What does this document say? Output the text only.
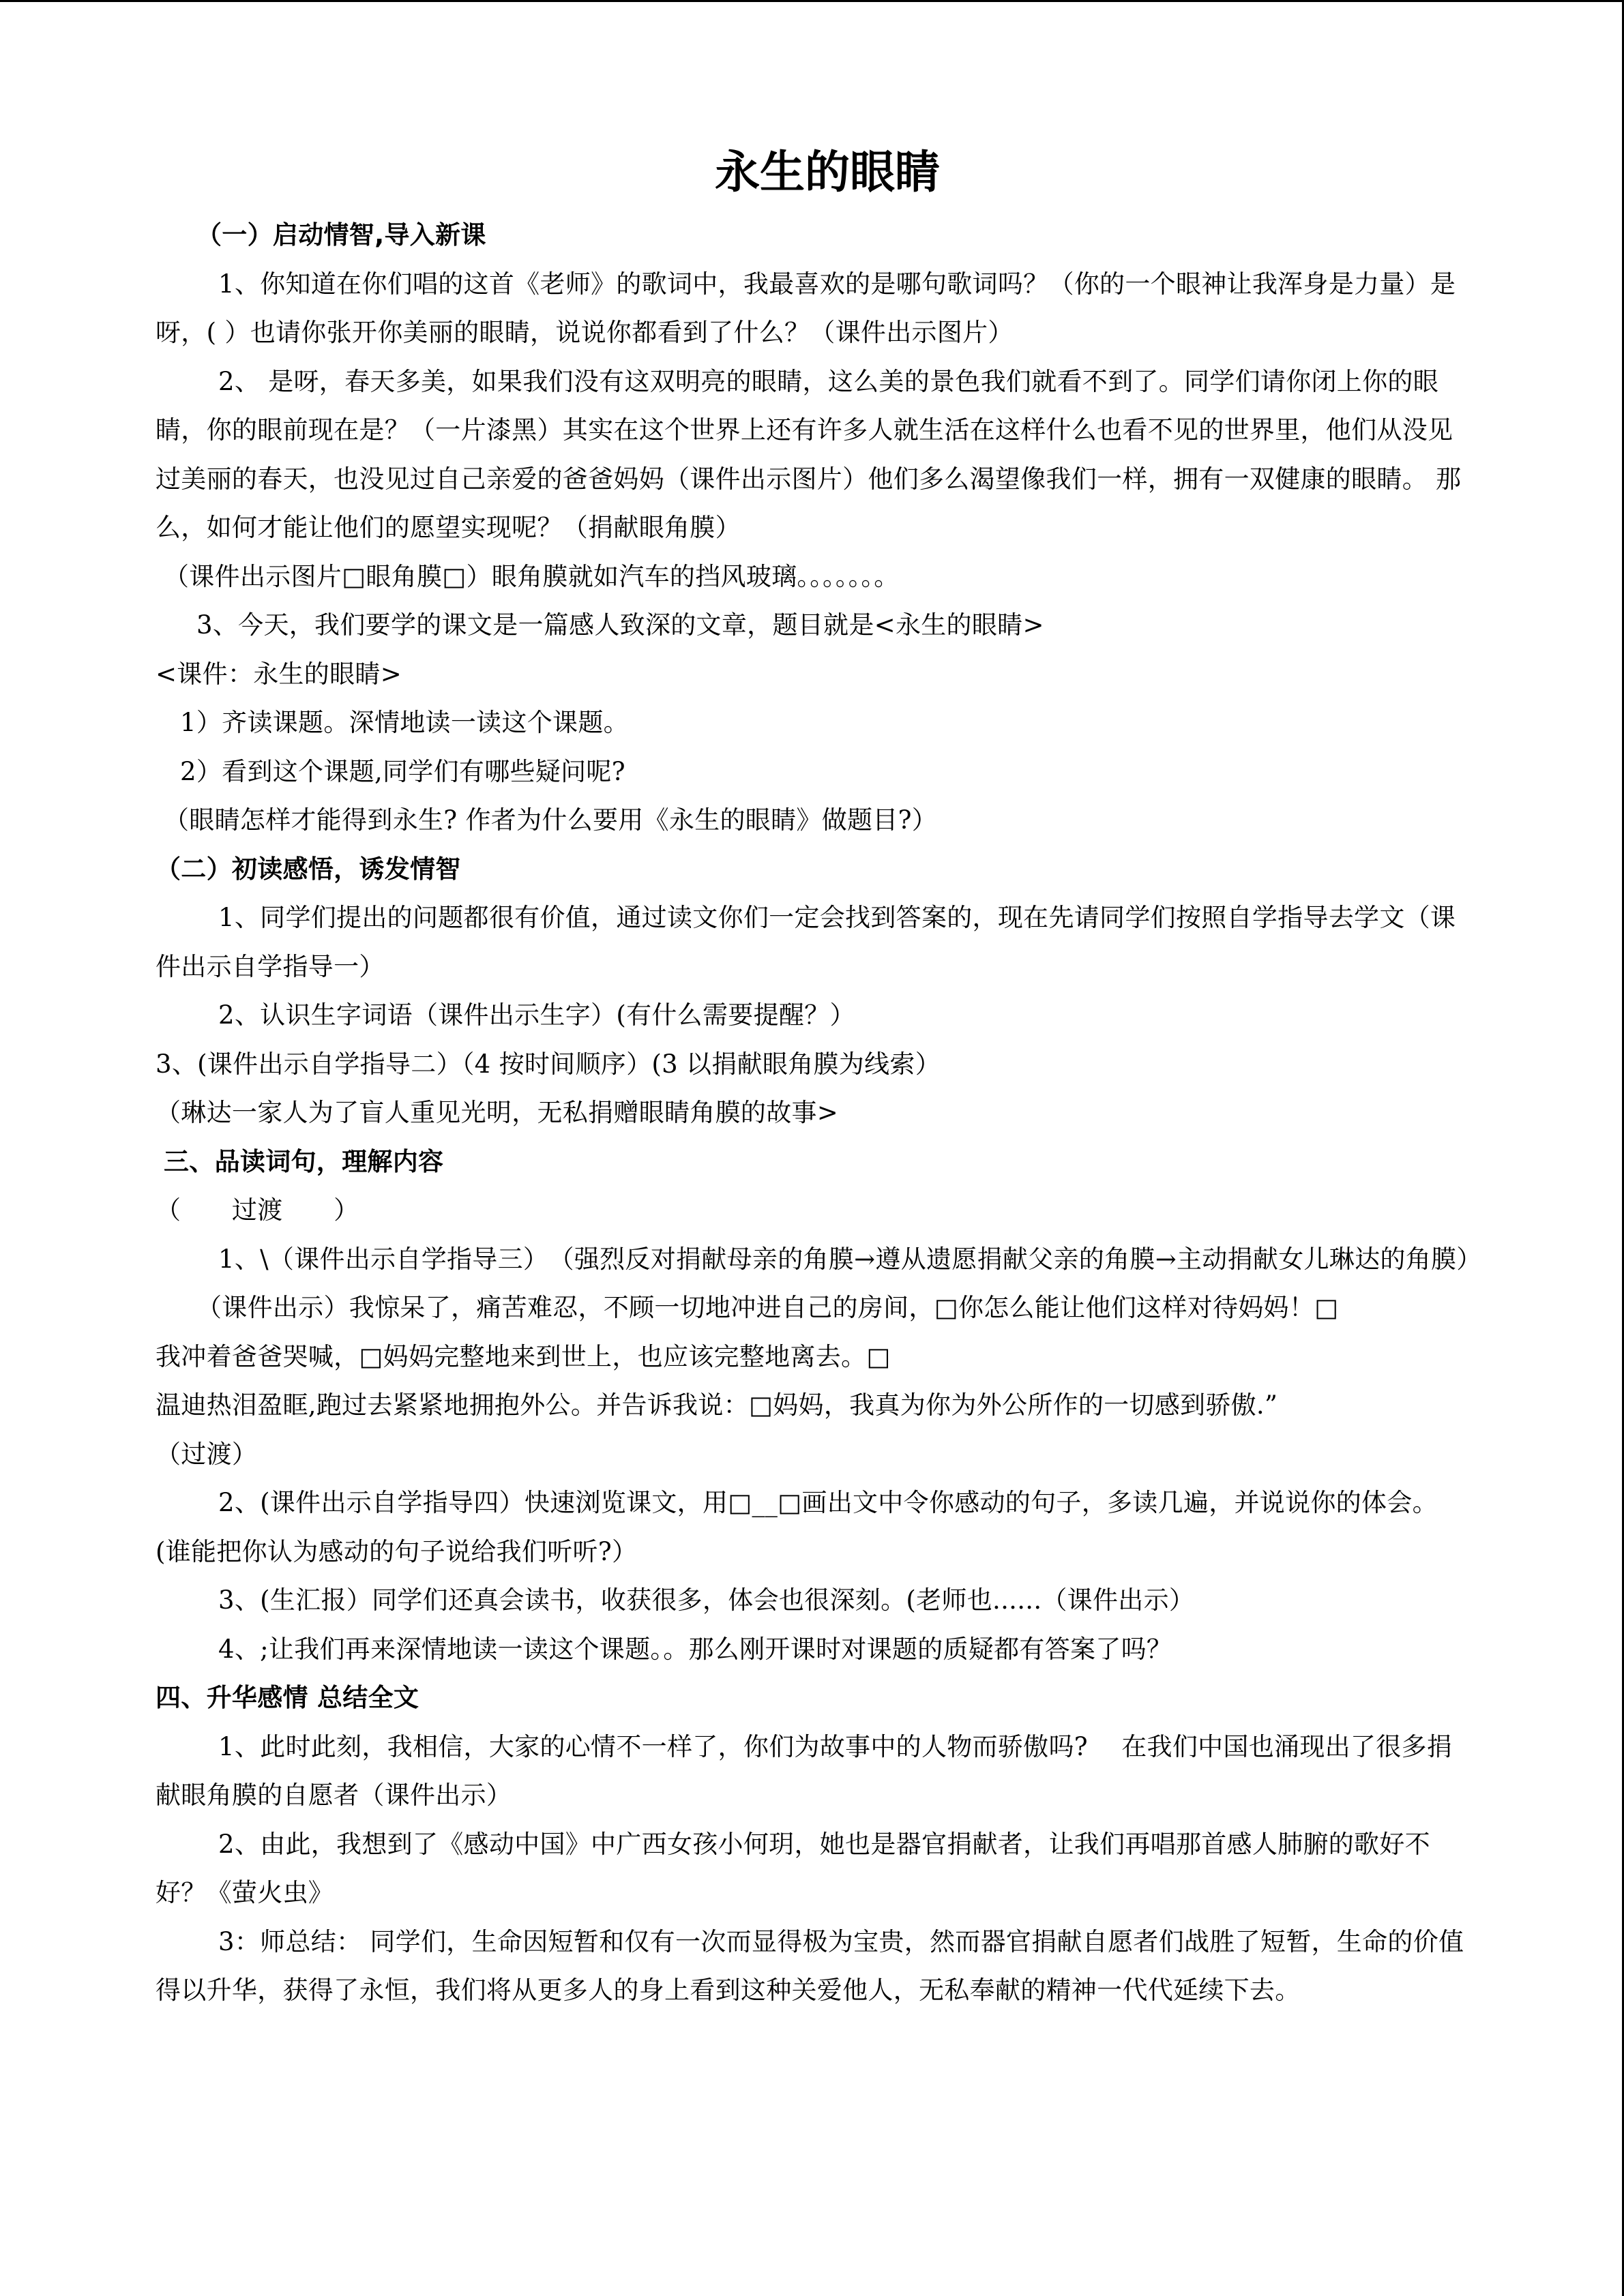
永生的眼睛
（一）启动情智,导入新课
1、你知道在你们唱的这首《老师》的歌词中，我最喜欢的是哪句歌词吗？（你的一个眼神让我浑身是力量）是呀，( ）也请你张开你美丽的眼睛，说说你都看到了什么？（课件出示图片）
2、 是呀，春天多美，如果我们没有这双明亮的眼睛，这么美的景色我们就看不到了。同学们请你闭上你的眼睛，你的眼前现在是？（一片漆黑）其实在这个世界上还有许多人就生活在这样什么也看不见的世界里，他们从没见过美丽的春天，也没见过自己亲爱的爸爸妈妈（课件出示图片）他们多么渴望像我们一样，拥有一双健康的眼睛。 那么，如何才能让他们的愿望实现呢？（捐献眼角膜）
（课件出示图片□眼角膜□）眼角膜就如汽车的挡风玻璃。。。。。。。
3、今天，我们要学的课文是一篇感人致深的文章，题目就是<永生的眼睛>
<课件：永生的眼睛>
1）齐读课题。深情地读一读这个课题。
2）看到这个课题,同学们有哪些疑问呢?
（眼睛怎样才能得到永生? 作者为什么要用《永生的眼睛》做题目?）
（二）初读感悟，诱发情智
1、同学们提出的问题都很有价值，通过读文你们一定会找到答案的，现在先请同学们按照自学指导去学文（课件出示自学指导一）
2、认识生字词语（课件出示生字）(有什么需要提醒？）
3、(课件出示自学指导二）（4 按时间顺序）(3 以捐献眼角膜为线索）
（琳达一家人为了盲人重见光明，无私捐赠眼睛角膜的故事>
三、品读词句，理解内容
（　　过渡　　）
1、\（课件出示自学指导三）　（强烈反对捐献母亲的角膜→遵从遗愿捐献父亲的角膜→主动捐献女儿琳达的角膜）
（课件出示）我惊呆了，痛苦难忍，不顾一切地冲进自己的房间，□你怎么能让他们这样对待妈妈！□
我冲着爸爸哭喊，□妈妈完整地来到世上，也应该完整地离去。□
温迪热泪盈眶,跑过去紧紧地拥抱外公。并告诉我说：□妈妈，我真为你为外公所作的一切感到骄傲.”
（过渡）
2、(课件出示自学指导四）快速浏览课文，用□__□画出文中令你感动的句子，多读几遍，并说说你的体会。(谁能把你认为感动的句子说给我们听听?）
3、(生汇报）同学们还真会读书，收获很多，体会也很深刻。(老师也......（课件出示）
4、;让我们再来深情地读一读这个课题。。那么刚开课时对课题的质疑都有答案了吗？
四、升华感情 总结全文
1、此时此刻，我相信，大家的心情不一样了，你们为故事中的人物而骄傲吗?　 在我们中国也涌现出了很多捐献眼角膜的自愿者（课件出示）
2、由此，我想到了《感动中国》中广西女孩小何玥，她也是器官捐献者，让我们再唱那首感人肺腑的歌好不好？《萤火虫》
3：师总结： 同学们，生命因短暂和仅有一次而显得极为宝贵，然而器官捐献自愿者们战胜了短暂，生命的价值得以升华，获得了永恒，我们将从更多人的身上看到这种关爱他人，无私奉献的精神一代代延续下去。
